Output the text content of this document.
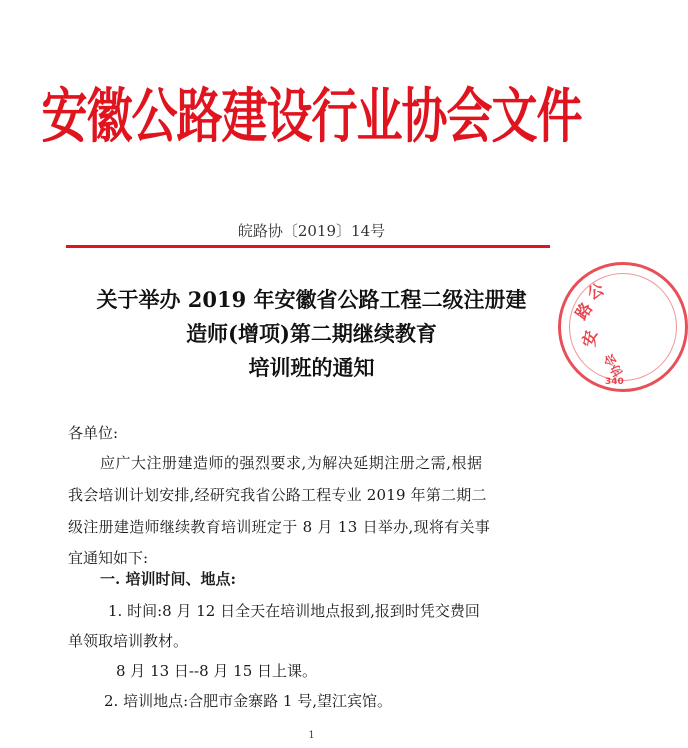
安徽公路建设行业协会文件
皖路协〔2019〕14号
关于举办 2019 年安徽省公路工程二级注册建
造师(增项)第二期继续教育
培训班的通知
公
路
安
协会
340
各单位:
应广大注册建造师的强烈要求,为解决延期注册之需,根据
我会培训计划安排,经研究我省公路工程专业 2019 年第二期二
级注册建造师继续教育培训班定于 8 月 13 日举办,现将有关事
宜通知如下:
一. 培训时间、地点:
1. 时间:8 月 12 日全天在培训地点报到,报到时凭交费回
单领取培训教材。
8 月 13 日--8 月 15 日上课。
2. 培训地点:合肥市金寨路 1 号,望江宾馆。
1
